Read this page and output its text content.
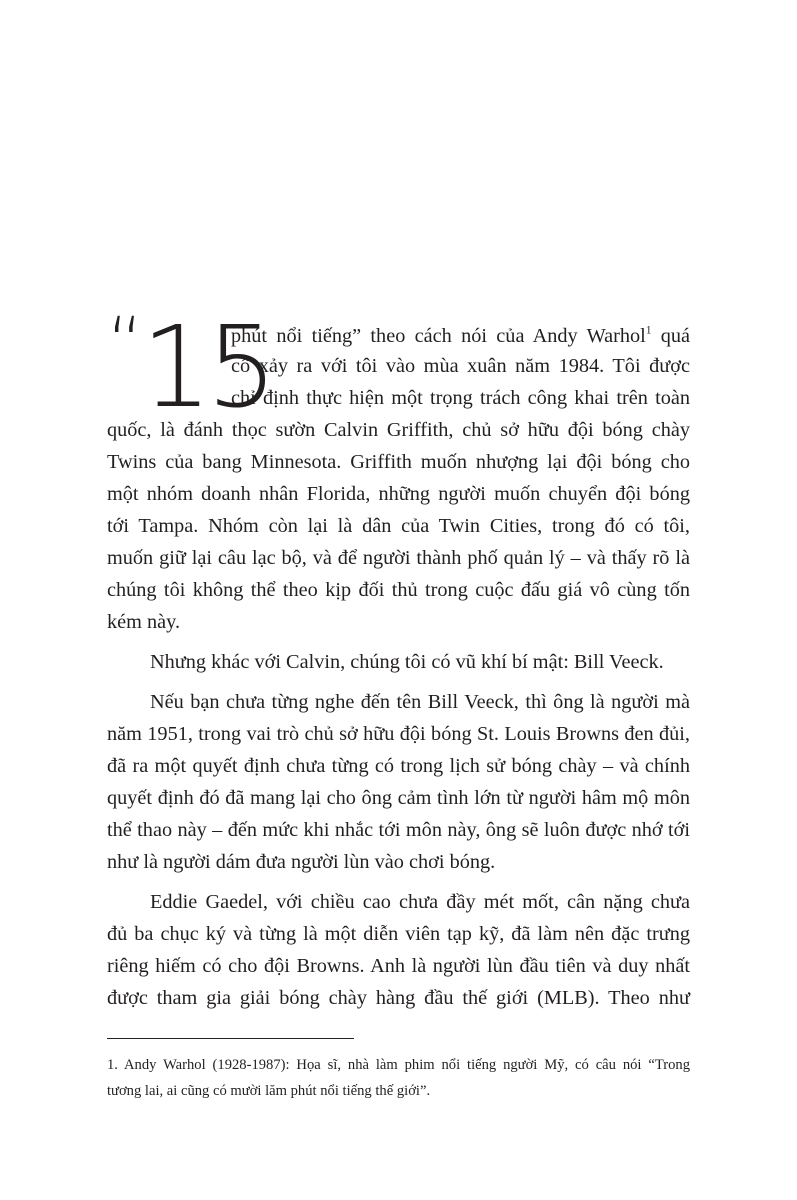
“ 15
phút nổi tiếng” theo cách nói của Andy Warhol$^1$ quá
cố xảy ra với tôi vào mùa xuân năm 1984. Tôi được
chỉ định thực hiện một trọng trách công khai trên toàn
quốc, là đánh thọc sườn Calvin Griffith, chủ sở hữu đội bóng chày
Twins của bang Minnesota. Griffith muốn nhượng lại đội bóng cho
một nhóm doanh nhân Florida, những người muốn chuyển đội bóng
tới Tampa. Nhóm còn lại là dân của Twin Cities, trong đó có tôi,
muốn giữ lại câu lạc bộ, và để người thành phố quản lý – và thấy rõ là
chúng tôi không thể theo kịp đối thủ trong cuộc đấu giá vô cùng tốn
kém này.
Nhưng khác với Calvin, chúng tôi có vũ khí bí mật: Bill Veeck.
Nếu bạn chưa từng nghe đến tên Bill Veeck, thì ông là người mà
năm 1951, trong vai trò chủ sở hữu đội bóng St. Louis Browns đen đủi,
đã ra một quyết định chưa từng có trong lịch sử bóng chày – và chính
quyết định đó đã mang lại cho ông cảm tình lớn từ người hâm mộ môn
thể thao này – đến mức khi nhắc tới môn này, ông sẽ luôn được nhớ tới
như là người dám đưa người lùn vào chơi bóng.
Eddie Gaedel, với chiều cao chưa đầy mét mốt, cân nặng chưa
đủ ba chục ký và từng là một diễn viên tạp kỹ, đã làm nên đặc trưng
riêng hiếm có cho đội Browns. Anh là người lùn đầu tiên và duy nhất
được tham gia giải bóng chày hàng đầu thế giới (MLB). Theo như
1. Andy Warhol (1928-1987): Họa sĩ, nhà làm phim nổi tiếng người Mỹ, có câu nói “Trong
tương lai, ai cũng có mười lăm phút nổi tiếng thế giới”.
